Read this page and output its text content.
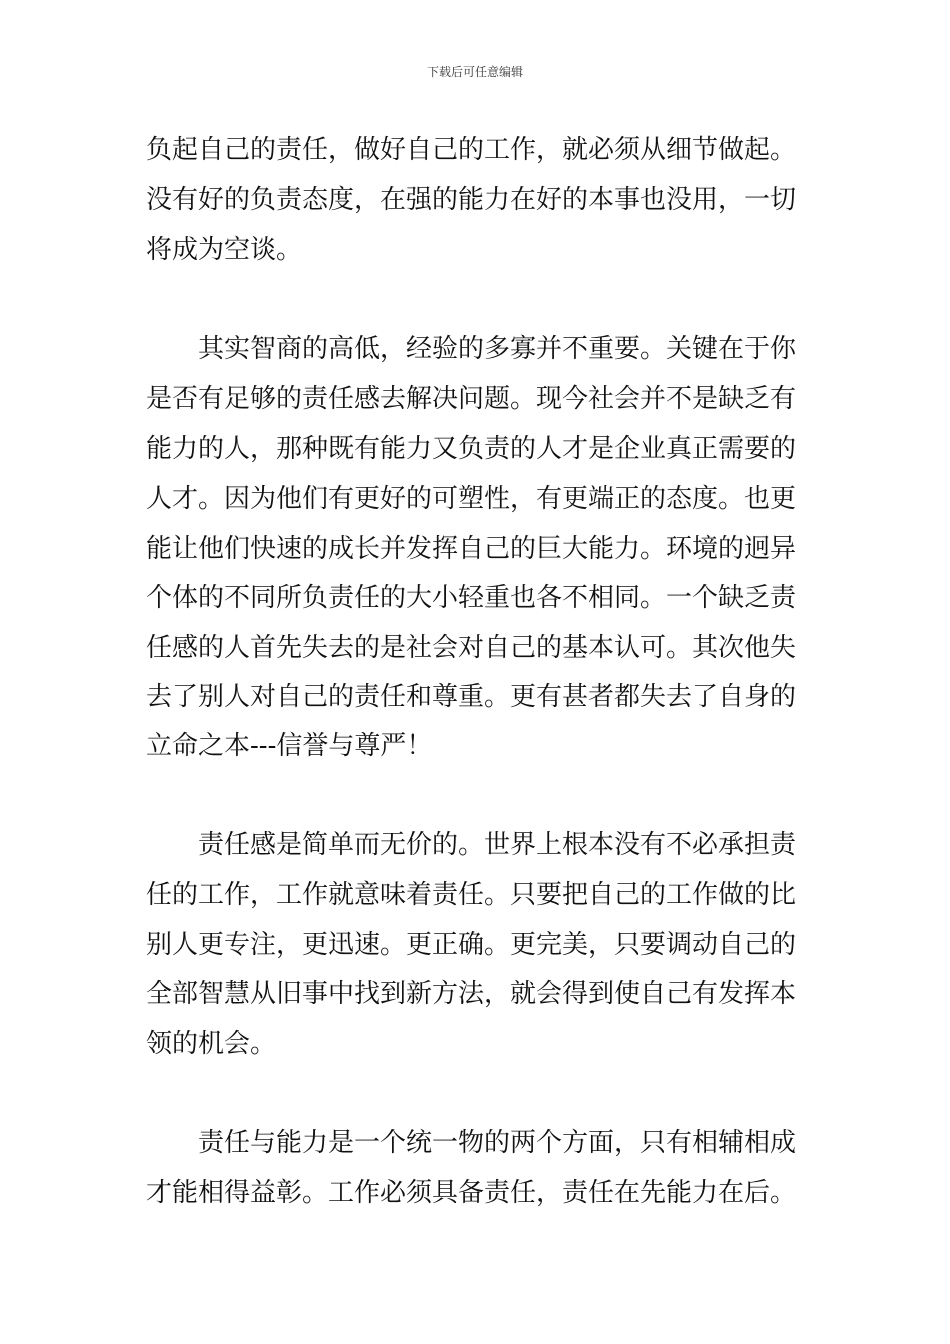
下载后可任意编辑
负起自己的责任，做好自己的工作，就必须从细节做起。
没有好的负责态度，在强的能力在好的本事也没用，一切
将成为空谈。
其实智商的高低，经验的多寡并不重要。关键在于你
是否有足够的责任感去解决问题。现今社会并不是缺乏有
能力的人，那种既有能力又负责的人才是企业真正需要的
人才。因为他们有更好的可塑性，有更端正的态度。也更
能让他们快速的成长并发挥自己的巨大能力。环境的迥异
个体的不同所负责任的大小轻重也各不相同。一个缺乏责
任感的人首先失去的是社会对自己的基本认可。其次他失
去了别人对自己的责任和尊重。更有甚者都失去了自身的
立命之本---信誉与尊严！
责任感是简单而无价的。世界上根本没有不必承担责
任的工作，工作就意味着责任。只要把自己的工作做的比
别人更专注，更迅速。更正确。更完美，只要调动自己的
全部智慧从旧事中找到新方法，就会得到使自己有发挥本
领的机会。
责任与能力是一个统一物的两个方面，只有相辅相成
才能相得益彰。工作必须具备责任，责任在先能力在后。
